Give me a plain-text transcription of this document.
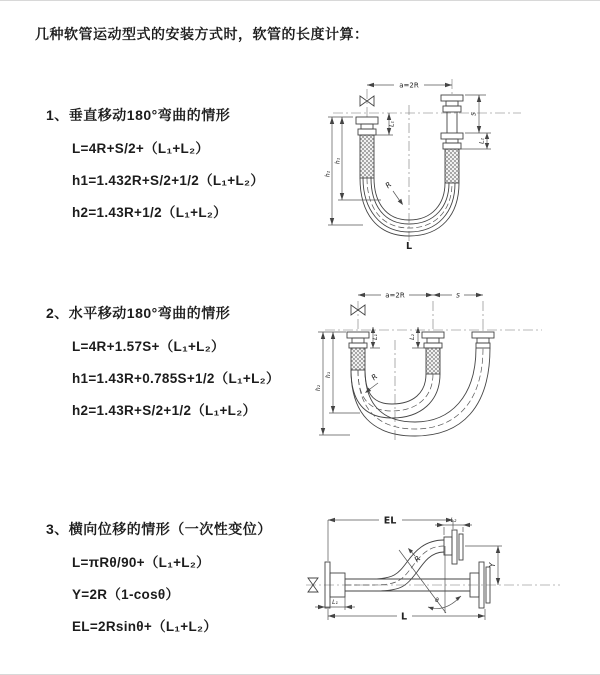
几种软管运动型式的安装方式时，软管的长度计算：

1、垂直移动180°弯曲的情形

L=4R+S/2+（L₁+L₂）

h1=1.432R+S/2+1/2（L₁+L₂）

h2=1.43R+1/2（L₁+L₂）

2、水平移动180°弯曲的情形

L=4R+1.57S+（L₁+L₂）

h1=1.43R+0.785S+1/2（L₁+L₂）

h2=1.43R+S/2+1/2（L₁+L₂）

3、横向位移的情形（一次性变位）

L=πRθ/90+（L₁+L₂）

Y=2R（1-cosθ）

EL=2Rsinθ+（L₁+L₂）

a=2R
R
L
h₁
h₂
L₁
S
L₂
a=2R	S
R
h₁
h₂
L₁	L₂
EL	L₂
Y
L
L₁
R
θ
